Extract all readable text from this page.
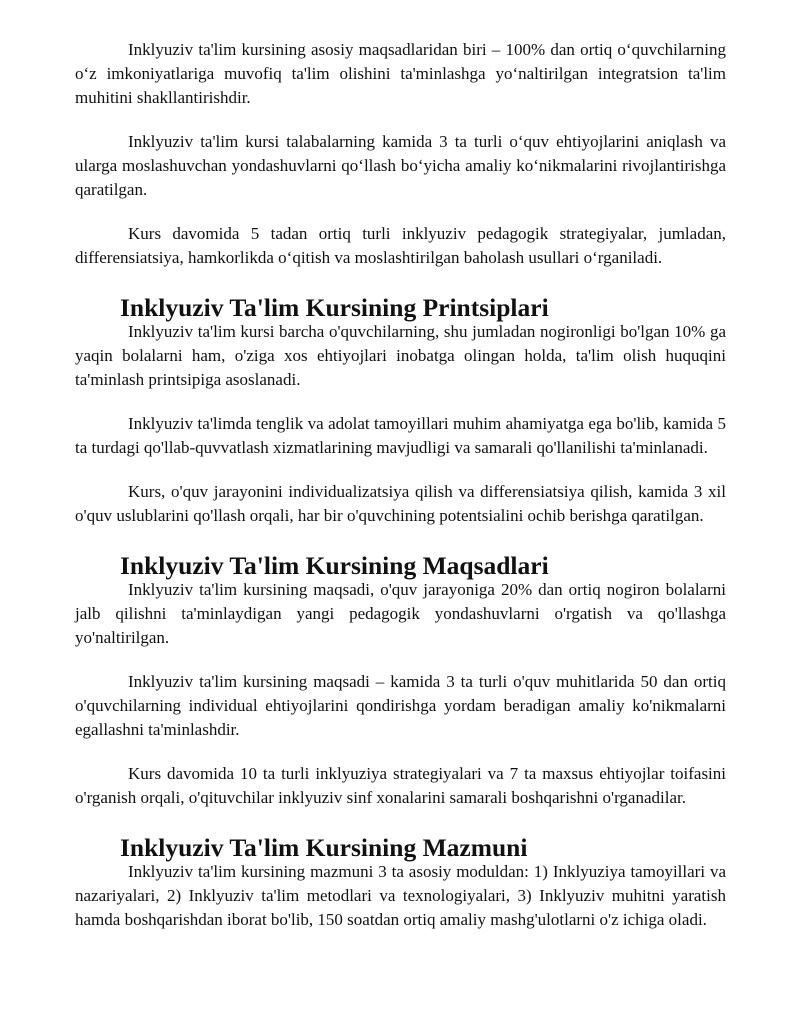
Inklyuziv ta'lim kursining asosiy maqsadlaridan biri – 100% dan ortiq o‘quvchilarning o‘z imkoniyatlariga muvofiq ta'lim olishini ta'minlashga yo‘naltirilgan integratsion ta'lim muhitini shakllantirishdir.

Inklyuziv ta'lim kursi talabalarning kamida 3 ta turli o‘quv ehtiyojlarini aniqlash va ularga moslashuvchan yondashuvlarni qo‘llash bo‘yicha amaliy ko‘nikmalarini rivojlantirishga qaratilgan.

Kurs davomida 5 tadan ortiq turli inklyuziv pedagogik strategiyalar, jumladan, differensiatsiya, hamkorlikda o‘qitish va moslashtirilgan baholash usullari o‘rganiladi.

Inklyuziv Ta'lim Kursining Printsiplari

Inklyuziv ta'lim kursi barcha o'quvchilarning, shu jumladan nogironligi bo'lgan 10% ga yaqin bolalarni ham, o'ziga xos ehtiyojlari inobatga olingan holda, ta'lim olish huquqini ta'minlash printsipiga asoslanadi.

Inklyuziv ta'limda tenglik va adolat tamoyillari muhim ahamiyatga ega bo'lib, kamida 5 ta turdagi qo'llab-quvvatlash xizmatlarining mavjudligi va samarali qo'llanilishi ta'minlanadi.

Kurs, o'quv jarayonini individualizatsiya qilish va differensiatsiya qilish, kamida 3 xil o'quv uslublarini qo'llash orqali, har bir o'quvchining potentsialini ochib berishga qaratilgan.

Inklyuziv Ta'lim Kursining Maqsadlari

Inklyuziv ta'lim kursining maqsadi, o'quv jarayoniga 20% dan ortiq nogiron bolalarni jalb qilishni ta'minlaydigan yangi pedagogik yondashuvlarni o'rgatish va qo'llashga yo'naltirilgan.

Inklyuziv ta'lim kursining maqsadi – kamida 3 ta turli o'quv muhitlarida 50 dan ortiq o'quvchilarning individual ehtiyojlarini qondirishga yordam beradigan amaliy ko'nikmalarni egallashni ta'minlashdir.

Kurs davomida 10 ta turli inklyuziya strategiyalari va 7 ta maxsus ehtiyojlar toifasini o'rganish orqali, o'qituvchilar inklyuziv sinf xonalarini samarali boshqarishni o'rganadilar.

Inklyuziv Ta'lim Kursining Mazmuni

Inklyuziv ta'lim kursining mazmuni 3 ta asosiy moduldan: 1) Inklyuziya tamoyillari va nazariyalari, 2) Inklyuziv ta'lim metodlari va texnologiyalari, 3) Inklyuziv muhitni yaratish hamda boshqarishdan iborat bo'lib, 150 soatdan ortiq amaliy mashg'ulotlarni o'z ichiga oladi.
